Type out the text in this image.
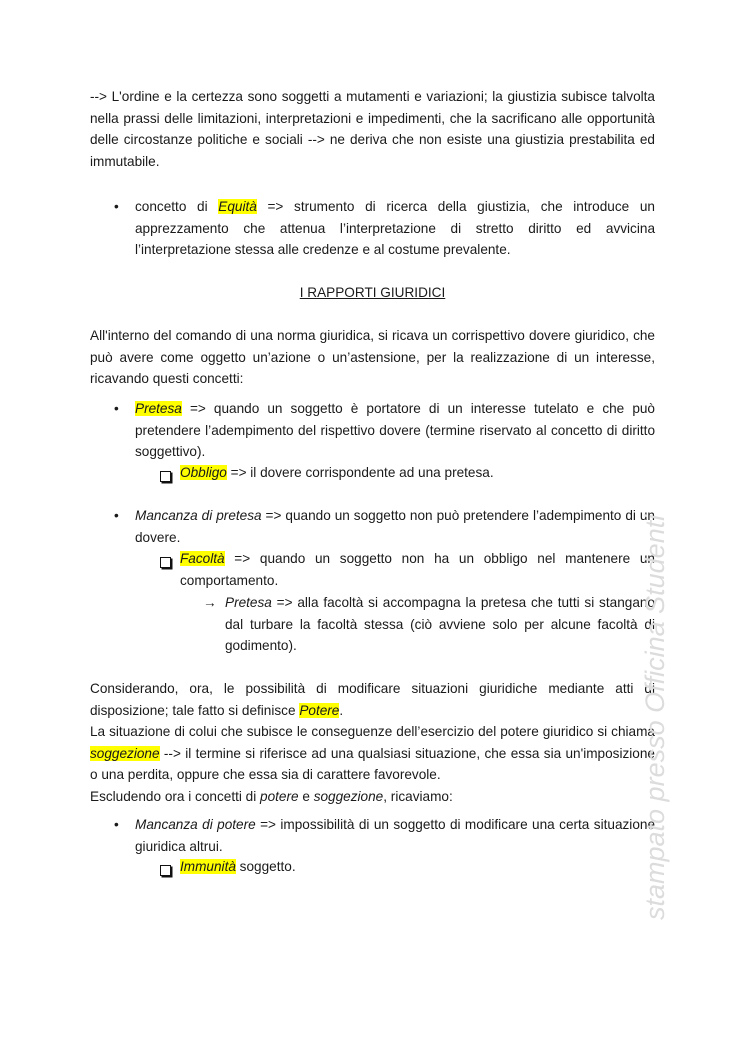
--> L'ordine e la certezza sono soggetti a mutamenti e variazioni; la giustizia subisce talvolta nella prassi delle limitazioni, interpretazioni e impedimenti, che la sacrificano alle opportunità delle circostanze politiche e sociali --> ne deriva che non esiste una giustizia prestabilita ed immutabile.
• concetto di Equità => strumento di ricerca della giustizia, che introduce un apprezzamento che attenua l’interpretazione di stretto diritto ed avvicina l’interpretazione stessa alle credenze e al costume prevalente.
I RAPPORTI GIURIDICI
All'interno del comando di una norma giuridica, si ricava un corrispettivo dovere giuridico, che può avere come oggetto un’azione o un’astensione, per la realizzazione di un interesse, ricavando questi concetti:
• Pretesa => quando un soggetto è portatore di un interesse tutelato e che può pretendere l’adempimento del rispettivo dovere (termine riservato al concetto di diritto soggettivo).
Obbligo => il dovere corrispondente ad una pretesa.
• Mancanza di pretesa => quando un soggetto non può pretendere l’adempimento di un dovere.
Facoltà => quando un soggetto non ha un obbligo nel mantenere un comportamento.
→ Pretesa => alla facoltà si accompagna la pretesa che tutti si stangano dal turbare la facoltà stessa (ciò avviene solo per alcune facoltà di godimento).
Considerando, ora, le possibilità di modificare situazioni giuridiche mediante atti di disposizione; tale fatto si definisce Potere.
La situazione di colui che subisce le conseguenze dell’esercizio del potere giuridico si chiama soggezione --> il termine si riferisce ad una qualsiasi situazione, che essa sia un'imposizione o una perdita, oppure che essa sia di carattere favorevole.
Escludendo ora i concetti di potere e soggezione, ricaviamo:
• Mancanza di potere => impossibilità di un soggetto di modificare una certa situazione giuridica altrui.
Immunità soggetto.	stampato presso Officina Studenti
